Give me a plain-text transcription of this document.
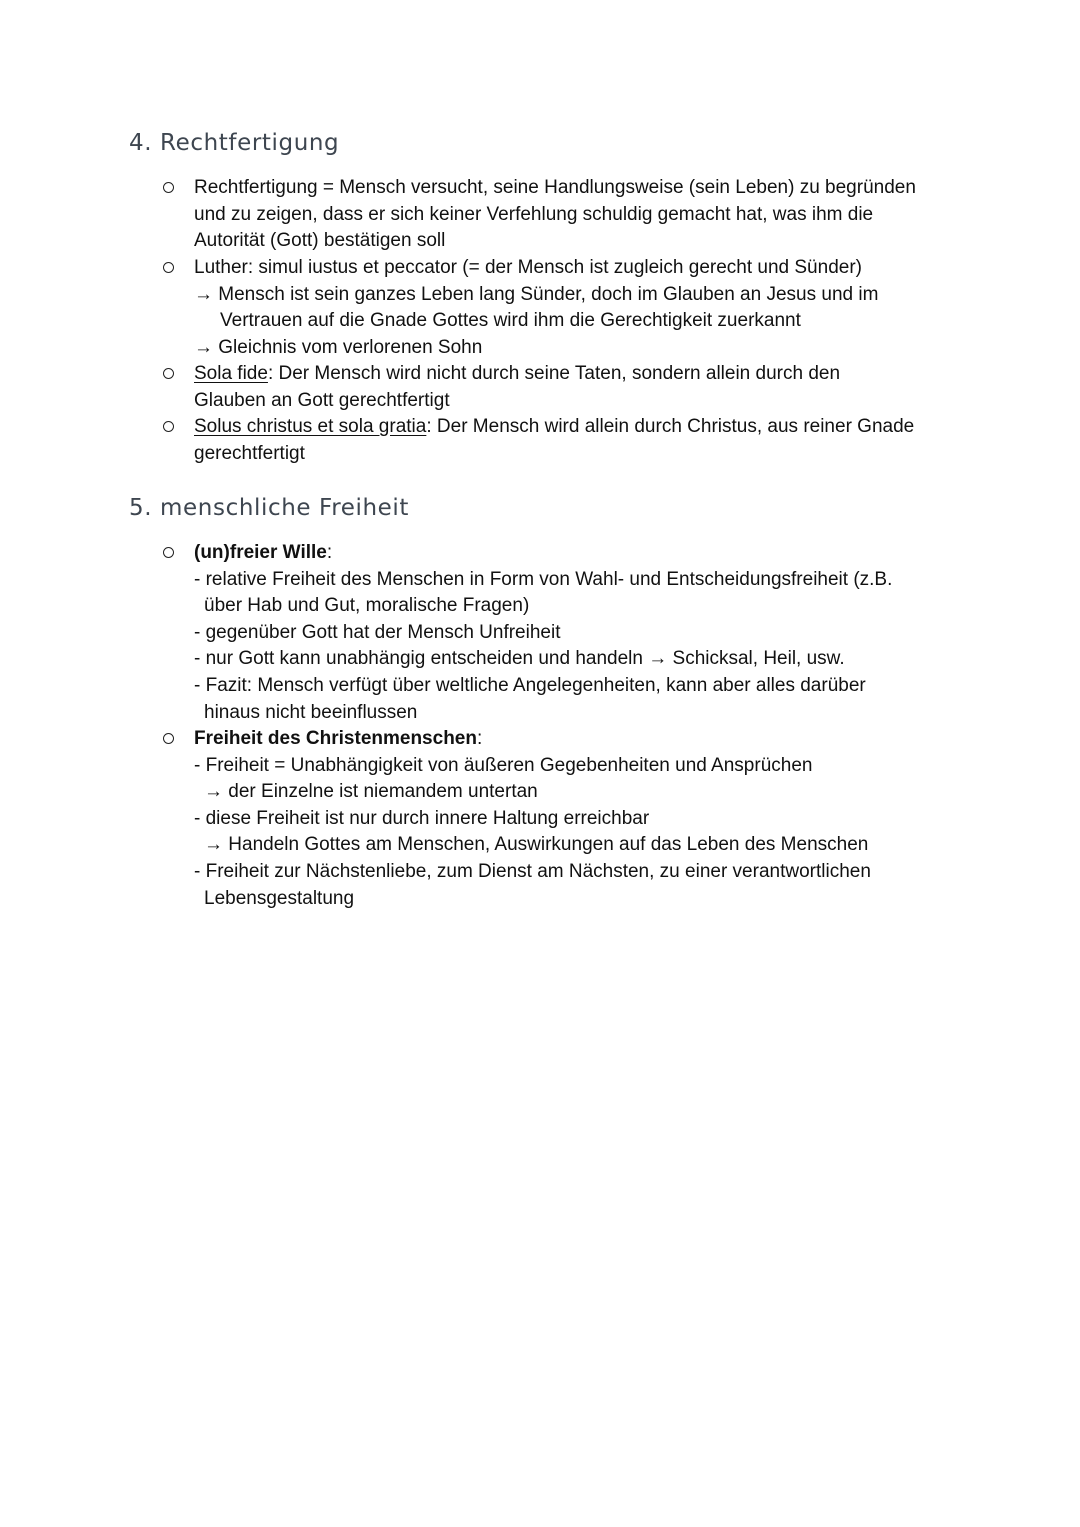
4. Rechtfertigung
Rechtfertigung = Mensch versucht, seine Handlungsweise (sein Leben) zu begründen
und zu zeigen, dass er sich keiner Verfehlung schuldig gemacht hat, was ihm die
Autorität (Gott) bestätigen soll
Luther: simul iustus et peccator (= der Mensch ist zugleich gerecht und Sünder)
→ Mensch ist sein ganzes Leben lang Sünder, doch im Glauben an Jesus und im
Vertrauen auf die Gnade Gottes wird ihm die Gerechtigkeit zuerkannt
→ Gleichnis vom verlorenen Sohn
Sola fide: Der Mensch wird nicht durch seine Taten, sondern allein durch den
Glauben an Gott gerechtfertigt
Solus christus et sola gratia: Der Mensch wird allein durch Christus, aus reiner Gnade
gerechtfertigt
5. menschliche Freiheit
(un)freier Wille:
- relative Freiheit des Menschen in Form von Wahl- und Entscheidungsfreiheit (z.B.
über Hab und Gut, moralische Fragen)
- gegenüber Gott hat der Mensch Unfreiheit
- nur Gott kann unabhängig entscheiden und handeln → Schicksal, Heil, usw.
- Fazit: Mensch verfügt über weltliche Angelegenheiten, kann aber alles darüber
hinaus nicht beeinflussen
Freiheit des Christenmenschen:
- Freiheit = Unabhängigkeit von äußeren Gegebenheiten und Ansprüchen
→ der Einzelne ist niemandem untertan
- diese Freiheit ist nur durch innere Haltung erreichbar
→ Handeln Gottes am Menschen, Auswirkungen auf das Leben des Menschen
- Freiheit zur Nächstenliebe, zum Dienst am Nächsten, zu einer verantwortlichen
Lebensgestaltung
